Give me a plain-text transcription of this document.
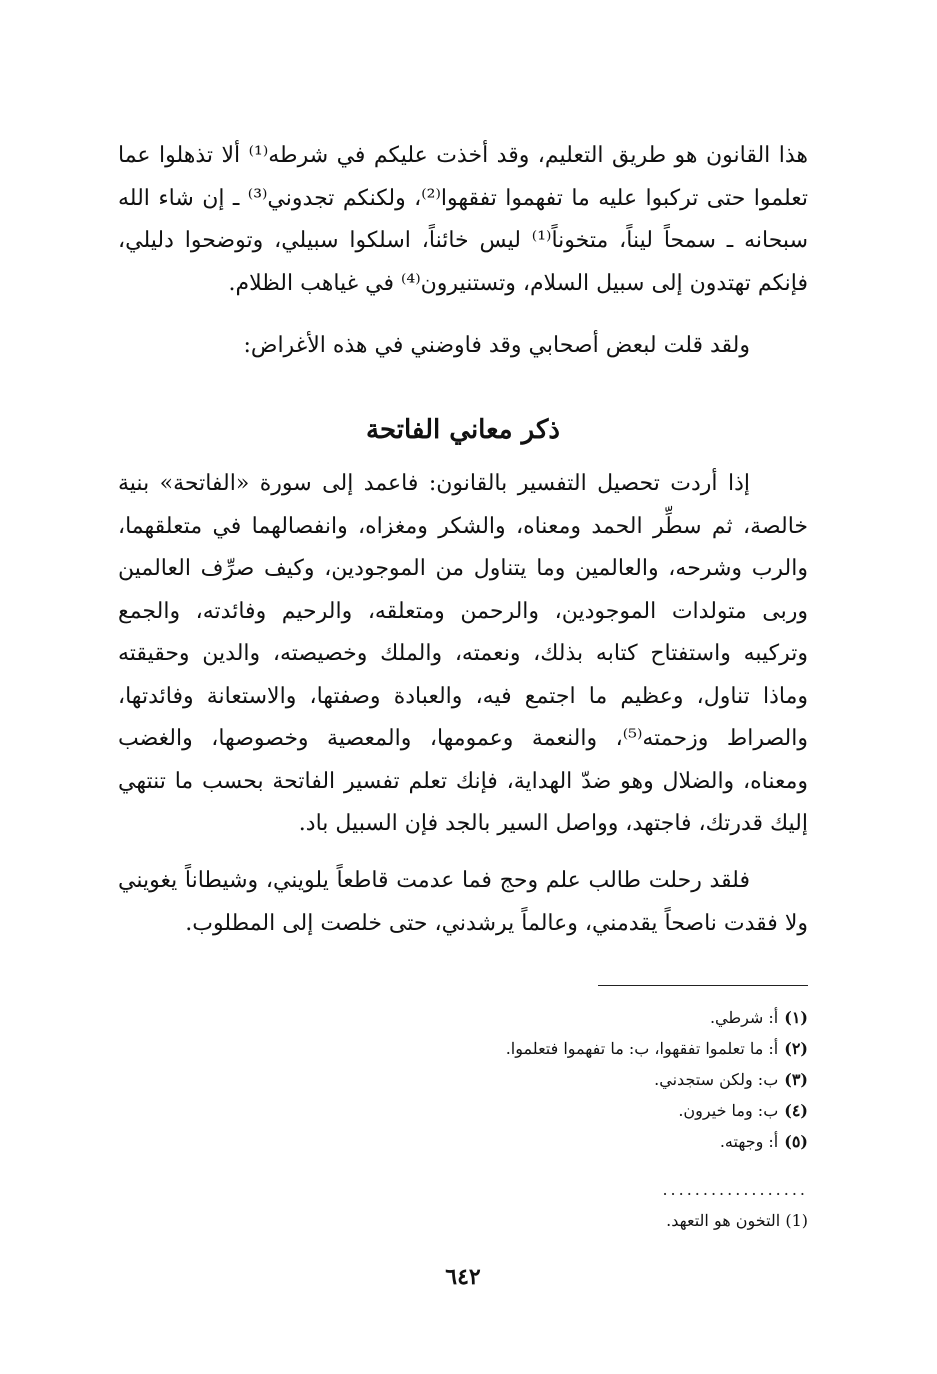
هذا القانون هو طريق التعليم، وقد أخذت عليكم في شرطه⁽¹⁾ ألا تذهلوا عما تعلموا حتى تركبوا عليه ما تفهموا تفقهوا⁽²⁾، ولكنكم تجدوني⁽³⁾ ـ إن شاء الله سبحانه ـ سمحاً ليناً، متخوناً⁽¹⁾ ليس خائناً، اسلكوا سبيلي، وتوضحوا دليلي، فإنكم تهتدون إلى سبيل السلام، وتستنيرون⁽⁴⁾ في غياهب الظلام.

ولقد قلت لبعض أصحابي وقد فاوضني في هذه الأغراض:

ذكر معاني الفاتحة

إذا أردت تحصيل التفسير بالقانون: فاعمد إلى سورة «الفاتحة» بنية خالصة، ثم سطِّر الحمد ومعناه، والشكر ومغزاه، وانفصالهما في متعلقهما، والرب وشرحه، والعالمين وما يتناول من الموجودين، وكيف صرِّف العالمين وربى متولدات الموجودين، والرحمن ومتعلقه، والرحيم وفائدته، والجمع وتركيبه واستفتاح كتابه بذلك، ونعمته، والملك وخصيصته، والدين وحقيقته وماذا تناول، وعظيم ما اجتمع فيه، والعبادة وصفتها، والاستعانة وفائدتها، والصراط وزحمته⁽⁵⁾، والنعمة وعمومها، والمعصية وخصوصها، والغضب ومعناه، والضلال وهو ضدّ الهداية، فإنك تعلم تفسير الفاتحة بحسب ما تنتهي إليك قدرتك، فاجتهد، وواصل السير بالجد فإن السبيل باد.

فلقد رحلت طالب علم وحج فما عدمت قاطعاً يلويني، وشيطاناً يغويني ولا فقدت ناصحاً يقدمني، وعالماً يرشدني، حتى خلصت إلى المطلوب.

(١)أ: شرطي.
(٢)أ: ما تعلموا تفقهوا، ب: ما تفهموا فتعلموا.
(٣)ب: ولكن ستجدني.
(٤)ب: وما خيرون.
(٥)أ: وجهته.
..................

(1) التخون هو التعهد.

٦٤٢
